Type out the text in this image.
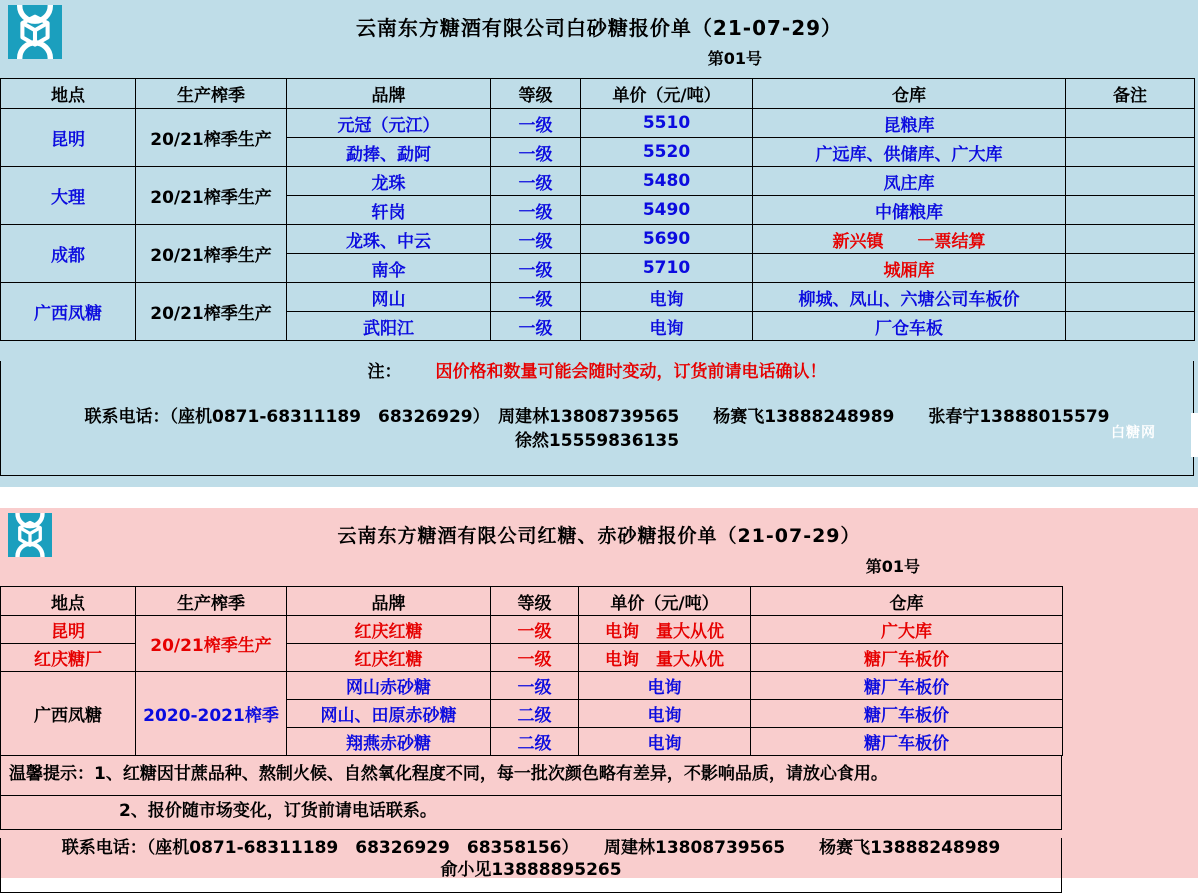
云南东方糖酒有限公司白砂糖报价单（21-07-29）
第01号
地点	生产榨季	品牌	等级	单价（元/吨）	仓库	备注
昆明	20/21榨季生产	元冠（元江）	一级	5510	昆粮库	
		勐捧、勐阿	一级	5520	广远库、供储库、广大库	
大理	20/21榨季生产	龙珠	一级	5480	凤庄库	
		轩岗	一级	5490	中储粮库	
成都	20/21榨季生产	龙珠、中云	一级	5690	新兴镇　　一票结算	
		南伞	一级	5710	城厢库	
广西凤糖	20/21榨季生产	网山	一级	电询	柳城、凤山、六塘公司车板价	
		武阳江	一级	电询	厂仓车板	
注： 因价格和数量可能会随时变动，订货前请电话确认！
联系电话：（座机0871-68311189　68326929）　周建林13808739565　　杨赛飞13888248989　　张春宁13888015579
徐然15559836135	白糖网
云南东方糖酒有限公司红糖、赤砂糖报价单（21-07-29）
第01号
地点	生产榨季	品牌	等级	单价（元/吨）	仓库
昆明	20/21榨季生产	红庆红糖	一级	电询　量大从优	广大库
红庆糖厂		红庆红糖	一级	电询　量大从优	糖厂车板价
广西凤糖	2020-2021榨季	网山赤砂糖	一级	电询	糖厂车板价
		网山、田原赤砂糖	二级	电询	糖厂车板价
		翔燕赤砂糖	二级	电询	糖厂车板价
温馨提示：1、红糖因甘蔗品种、熬制火候、自然氧化程度不同，每一批次颜色略有差异，不影响品质，请放心食用。
2、报价随市场变化，订货前请电话联系。
联系电话：（座机0871-68311189　68326929　68358156）　　周建林13808739565　　杨赛飞13888248989
俞小见13888895265
